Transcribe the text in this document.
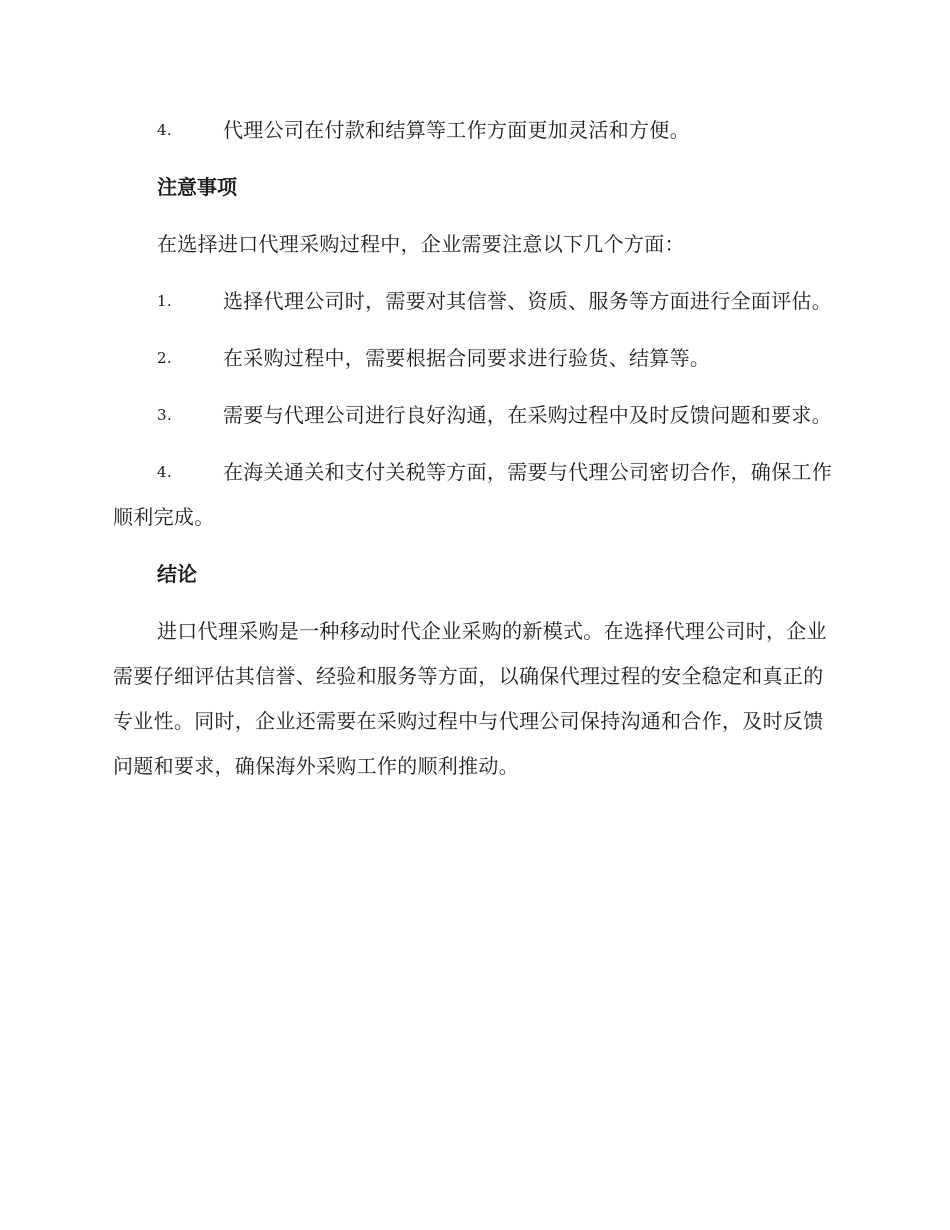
4.	代理公司在付款和结算等工作方面更加灵活和方便。
注意事项
在选择进口代理采购过程中，企业需要注意以下几个方面：
1.	选择代理公司时，需要对其信誉、资质、服务等方面进行全面评估。
2.	在采购过程中，需要根据合同要求进行验货、结算等。
3.	需要与代理公司进行良好沟通，在采购过程中及时反馈问题和要求。
4.	在海关通关和支付关税等方面，需要与代理公司密切合作，确保工作顺利完成。
结论
进口代理采购是一种移动时代企业采购的新模式。在选择代理公司时，企业需要仔细评估其信誉、经验和服务等方面，以确保代理过程的安全稳定和真正的专业性。同时，企业还需要在采购过程中与代理公司保持沟通和合作，及时反馈问题和要求，确保海外采购工作的顺利推动。
